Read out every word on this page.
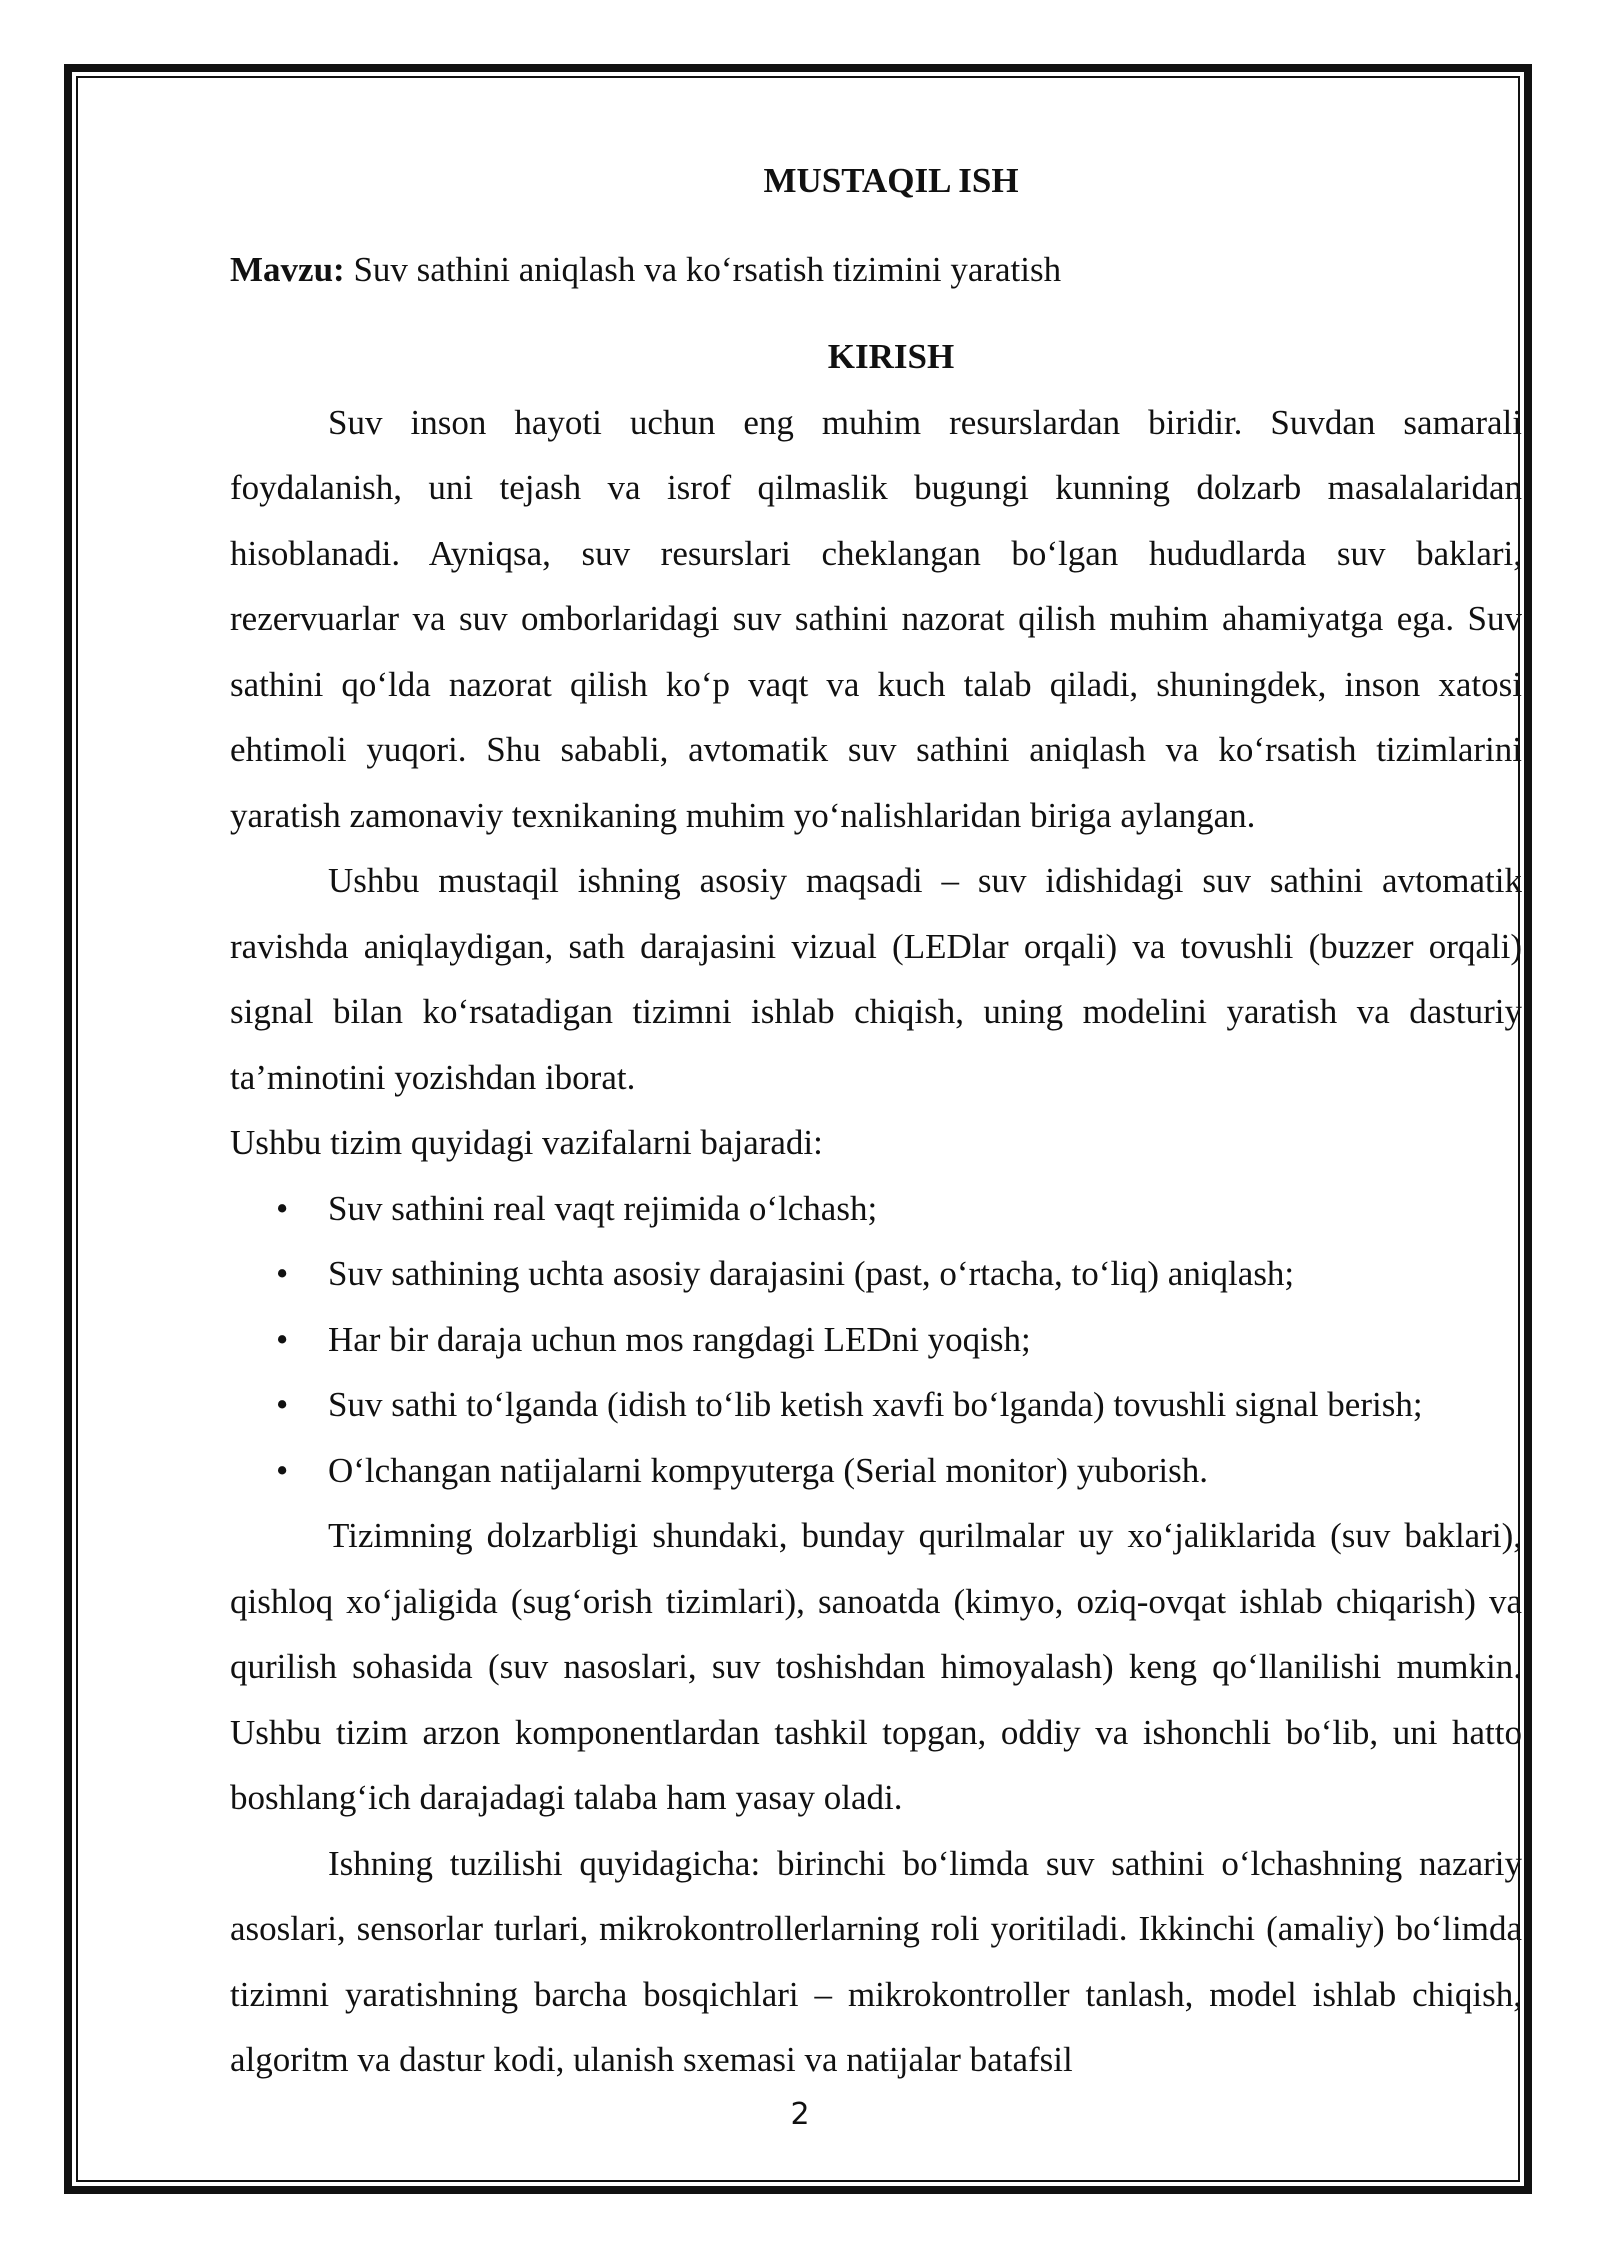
MUSTAQIL ISH

Mavzu: Suv sathini aniqlash va ko‘rsatish tizimini yaratish

KIRISH

Suv inson hayoti uchun eng muhim resurslardan biridir. Suvdan samarali foydalanish, uni tejash va isrof qilmaslik bugungi kunning dolzarb masalalaridan hisoblanadi. Ayniqsa, suv resurslari cheklangan bo‘lgan hududlarda suv baklari, rezervuarlar va suv omborlaridagi suv sathini nazorat qilish muhim ahamiyatga ega. Suv sathini qo‘lda nazorat qilish ko‘p vaqt va kuch talab qiladi, shuningdek, inson xatosi ehtimoli yuqori. Shu sababli, avtomatik suv sathini aniqlash va ko‘rsatish tizimlarini yaratish zamonaviy texnikaning muhim yo‘nalishlaridan biriga aylangan.

Ushbu mustaqil ishning asosiy maqsadi – suv idishidagi suv sathini avtomatik ravishda aniqlaydigan, sath darajasini vizual (LEDlar orqali) va tovushli (buzzer orqali) signal bilan ko‘rsatadigan tizimni ishlab chiqish, uning modelini yaratish va dasturiy ta’minotini yozishdan iborat.

Ushbu tizim quyidagi vazifalarni bajaradi:

• Suv sathini real vaqt rejimida o‘lchash;
• Suv sathining uchta asosiy darajasini (past, o‘rtacha, to‘liq) aniqlash;
• Har bir daraja uchun mos rangdagi LEDni yoqish;
• Suv sathi to‘lganda (idish to‘lib ketish xavfi bo‘lganda) tovushli signal berish;
• O‘lchangan natijalarni kompyuterga (Serial monitor) yuborish.

Tizimning dolzarbligi shundaki, bunday qurilmalar uy xo‘jaliklarida (suv baklari), qishloq xo‘jaligida (sug‘orish tizimlari), sanoatda (kimyo, oziq-ovqat ishlab chiqarish) va qurilish sohasida (suv nasoslari, suv toshishdan himoyalash) keng qo‘llanilishi mumkin. Ushbu tizim arzon komponentlardan tashkil topgan, oddiy va ishonchli bo‘lib, uni hatto boshlang‘ich darajadagi talaba ham yasay oladi.

Ishning tuzilishi quyidagicha: birinchi bo‘limda suv sathini o‘lchashning nazariy asoslari, sensorlar turlari, mikrokontrollerlarning roli yoritiladi. Ikkinchi (amaliy) bo‘limda tizimni yaratishning barcha bosqichlari – mikrokontroller tanlash, model ishlab chiqish, algoritm va dastur kodi, ulanish sxemasi va natijalar batafsil

2
